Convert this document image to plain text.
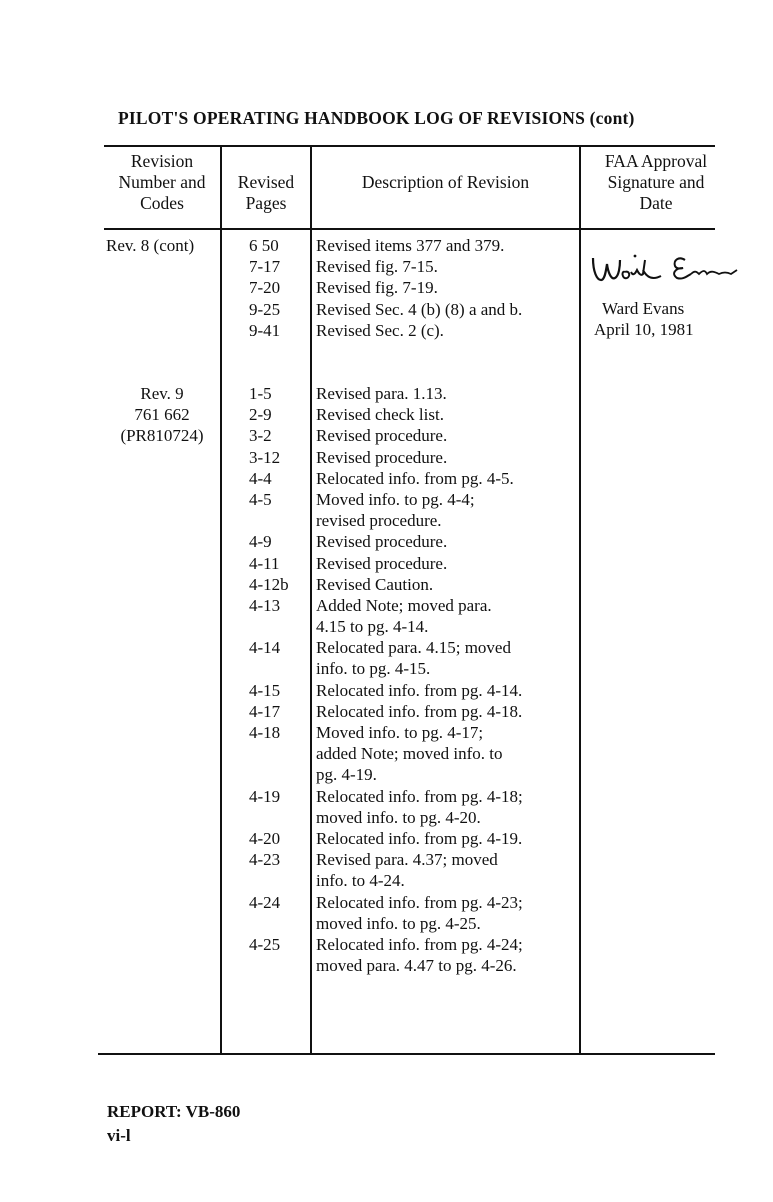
PILOT'S OPERATING HANDBOOK LOG OF REVISIONS (cont)
Revision
Number and
Codes
Revised
Pages
Description of Revision
FAA Approval
Signature and
Date
Rev. 8 (cont)	6 50
7-17
7-20
9-25
9-41
Revised items 377 and 379.
Revised fig. 7-15.
Revised fig. 7-19.
Revised Sec. 4 (b) (8) a and b.
Revised Sec. 2 (c).
Ward Evans
April 10, 1981
Rev. 9
761 662
(PR810724)
1-5
2-9
3-2
3-12
4-4
4-5
4-9
4-11
4-12b
4-13
4-14
4-15
4-17
4-18
4-19
4-20
4-23
4-24
4-25
Revised para. 1.13.
Revised check list.
Revised procedure.
Revised procedure.
Relocated info. from pg. 4-5.
Moved info. to pg. 4-4;
revised procedure.
Revised procedure.
Revised procedure.
Revised Caution.
Added Note; moved para.
4.15 to pg. 4-14.
Relocated para. 4.15; moved
info. to pg. 4-15.
Relocated info. from pg. 4-14.
Relocated info. from pg. 4-18.
Moved info. to pg. 4-17;
added Note; moved info. to
pg. 4-19.
Relocated info. from pg. 4-18;
moved info. to pg. 4-20.
Relocated info. from pg. 4-19.
Revised para. 4.37; moved
info. to 4-24.
Relocated info. from pg. 4-23;
moved info. to pg. 4-25.
Relocated info. from pg. 4-24;
moved para. 4.47 to pg. 4-26.
REPORT: VB-860
vi-l
